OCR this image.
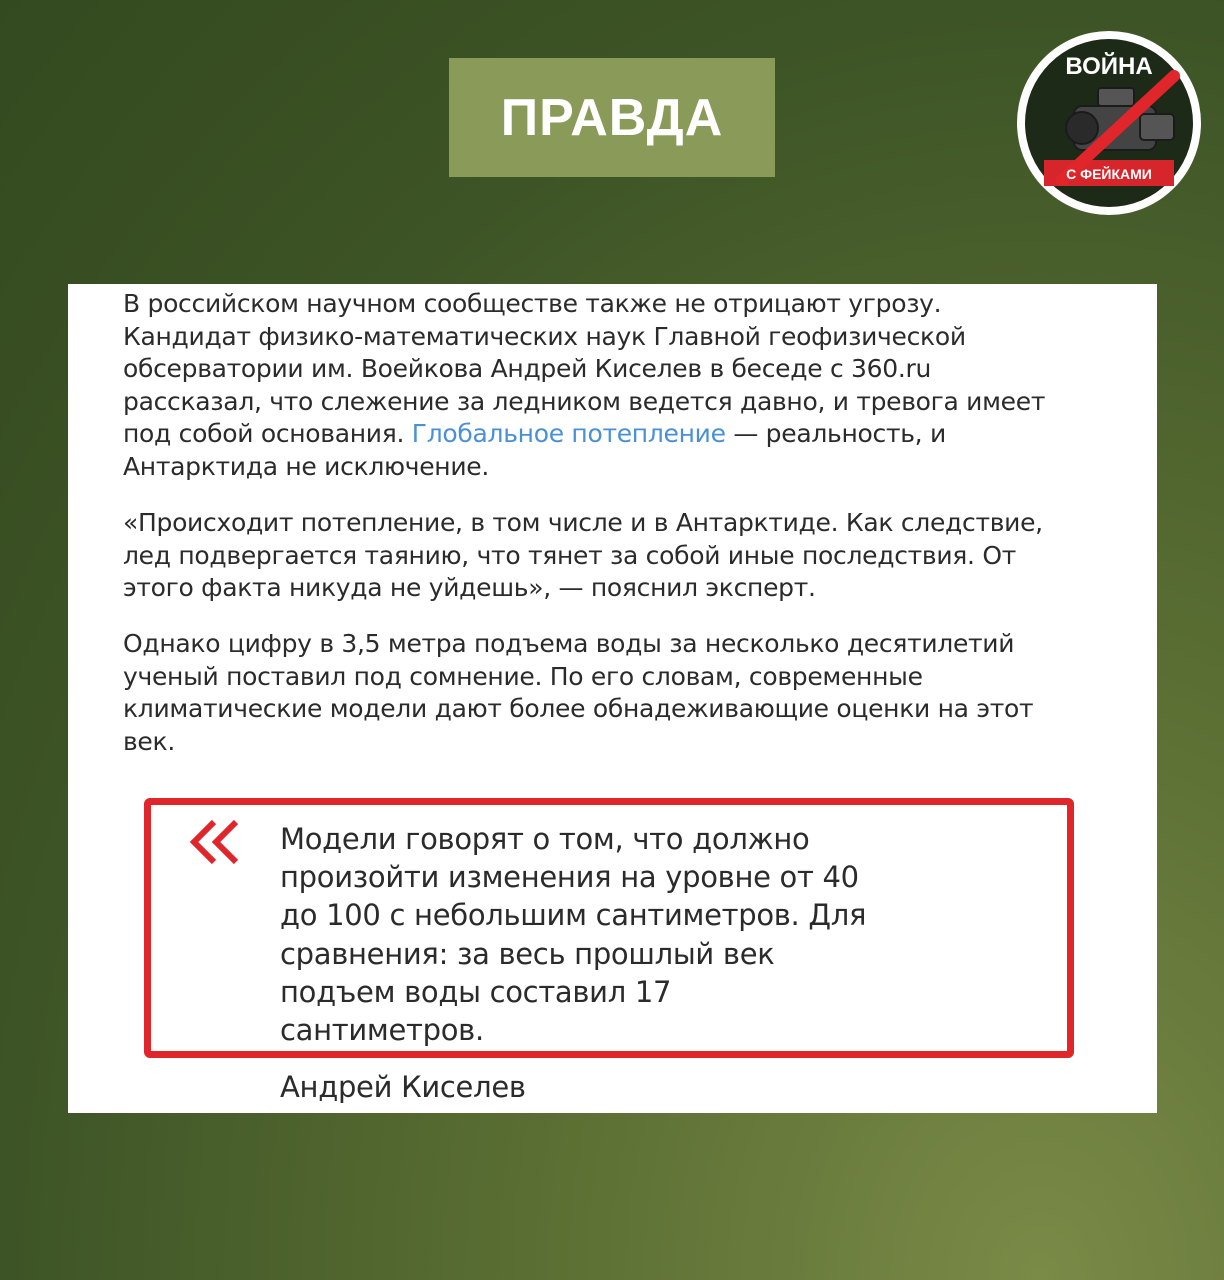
ПРАВДА
ВОЙНА
С ФЕЙКАМИ

В российском научном сообществе также не отрицают угрозу. Кандидат физико-математических наук Главной геофизической обсерватории им. Воейкова Андрей Киселев в беседе с 360.ru рассказал, что слежение за ледником ведется давно, и тревога имеет под собой основания. Глобальное потепление — реальность, и Антарктида не исключение.

«Происходит потепление, в том числе и в Антарктиде. Как следствие, лед подвергается таянию, что тянет за собой иные последствия. От этого факта никуда не уйдешь», — пояснил эксперт.

Однако цифру в 3,5 метра подъема воды за несколько десятилетий ученый поставил под сомнение. По его словам, современные климатические модели дают более обнадеживающие оценки на этот век.

Модели говорят о том, что должно произойти изменения на уровне от 40 до 100 с небольшим сантиметров. Для сравнения: за весь прошлый век подъем воды составил 17 сантиметров.

Андрей Киселев
